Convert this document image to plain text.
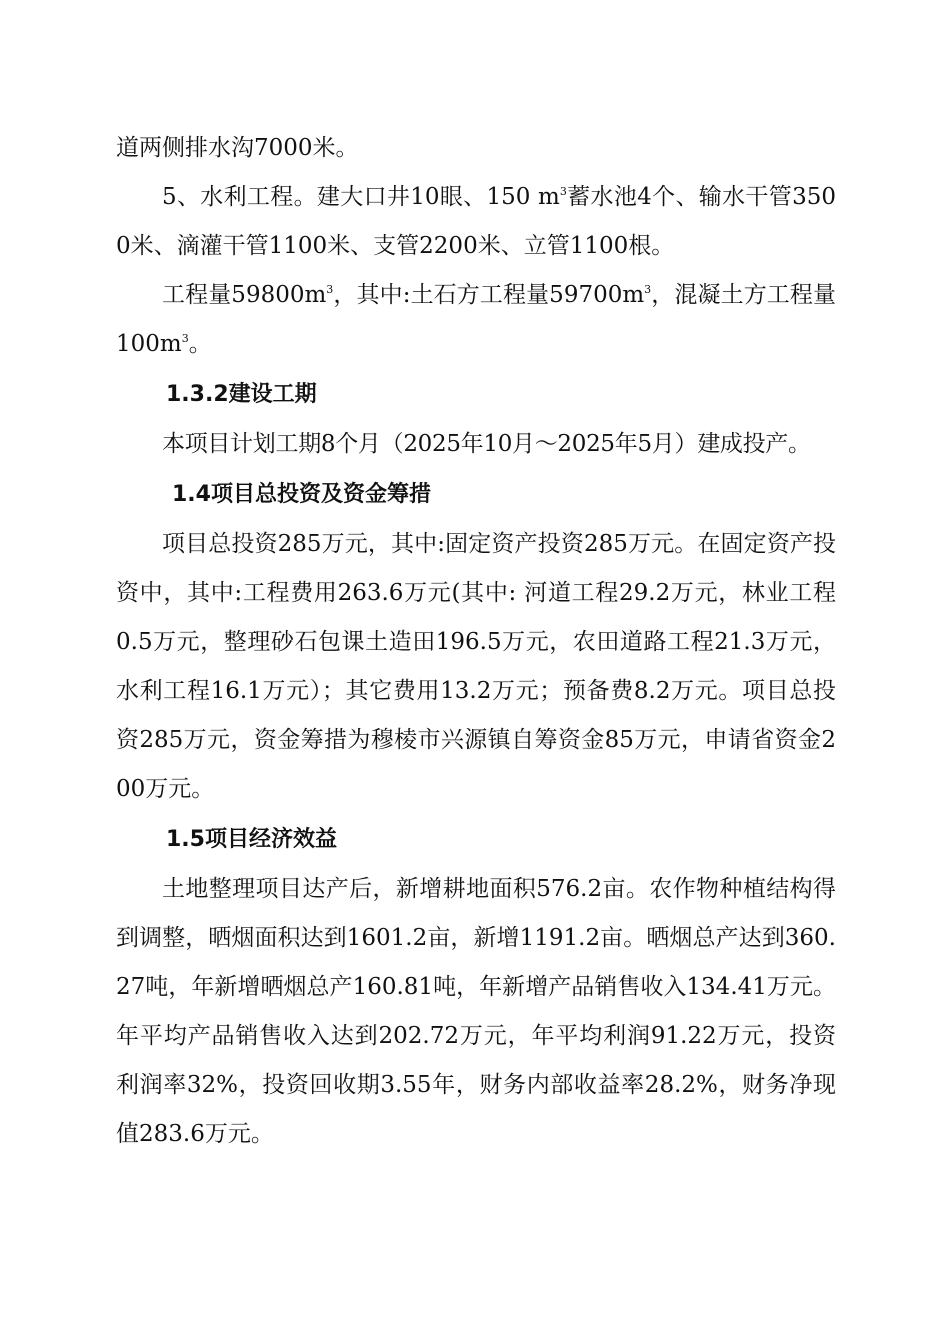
道两侧排水沟7000米。

5、水利工程。建大口井10眼、150 $m^3$蓄水池4个、输水干管3500米、滴灌干管1100米、支管2200米、立管1100根。

工程量$59800m^3$，其中:土石方工程量$59700m^3$，混凝土方工程量$100m^3$。

1.3.2建设工期

本项目计划工期8个月（2025年10月～2025年5月）建成投产。

1.4项目总投资及资金筹措

项目总投资285万元，其中:固定资产投资285万元。在固定资产投资中，其中:工程费用263.6万元(其中: 河道工程29.2万元，林业工程0.5万元，整理砂石包课土造田196.5万元，农田道路工程21.3万元，水利工程16.1万元）；其它费用13.2万元；预备费8.2万元。项目总投资285万元，资金筹措为穆棱市兴源镇自筹资金85万元，申请省资金200万元。

1.5项目经济效益

土地整理项目达产后，新增耕地面积576.2亩。农作物种植结构得到调整，晒烟面积达到1601.2亩，新增1191.2亩。晒烟总产达到360.27吨，年新增晒烟总产160.81吨，年新增产品销售收入134.41万元。年平均产品销售收入达到202.72万元，年平均利润91.22万元，投资利润率32%，投资回收期3.55年，财务内部收益率28.2%，财务净现值283.6万元。
